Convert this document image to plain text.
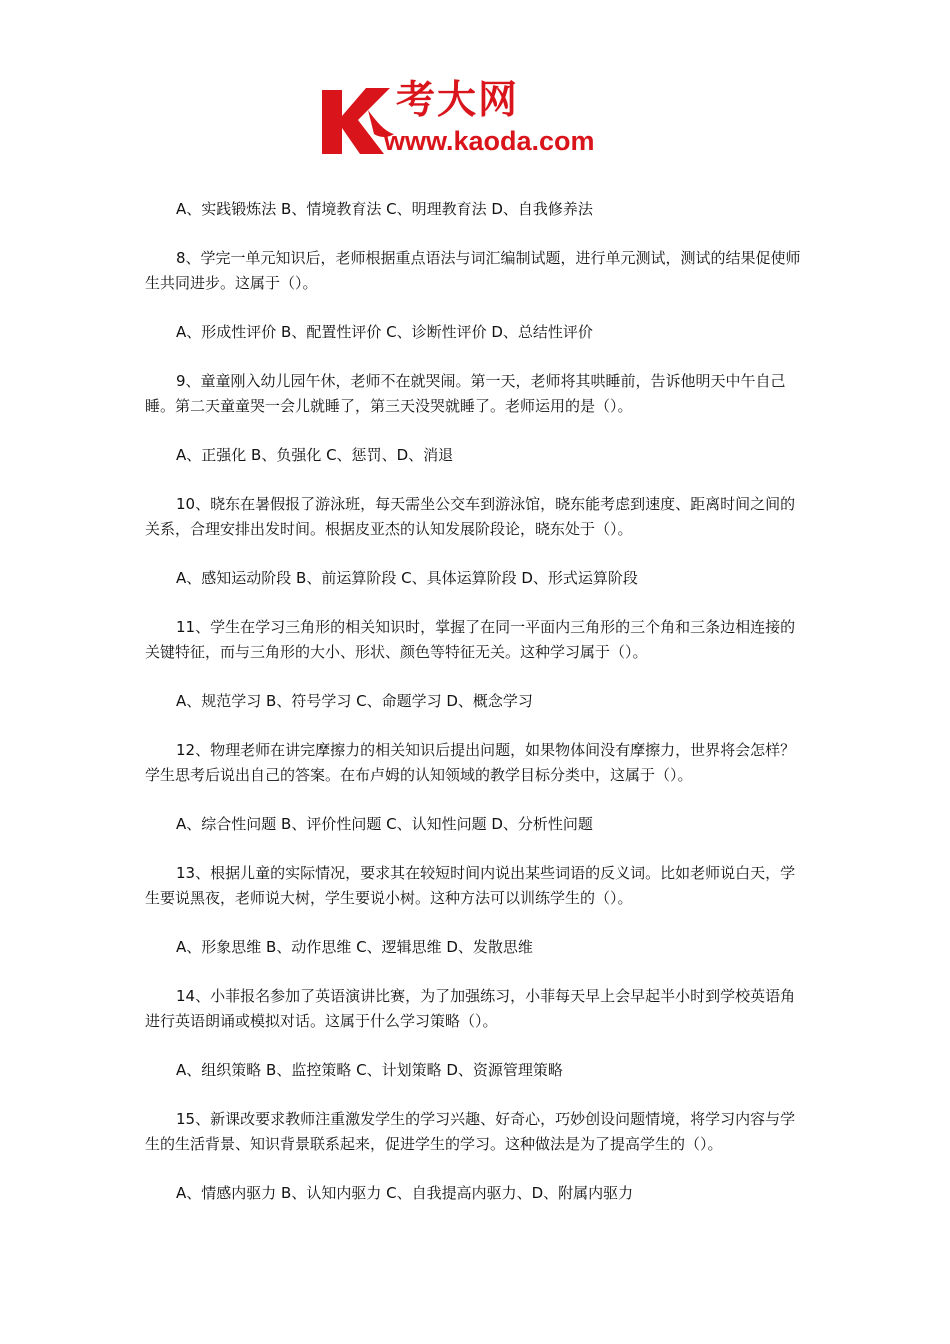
考大网
www.kaoda.com

A、实践锻炼法 B、情境教育法 C、明理教育法 D、自我修养法

8、学完一单元知识后，老师根据重点语法与词汇编制试题，进行单元测试，测试的结果促使师生共同进步。这属于（）。

A、形成性评价 B、配置性评价 C、诊断性评价 D、总结性评价

9、童童刚入幼儿园午休，老师不在就哭闹。第一天，老师将其哄睡前，告诉他明天中午自己睡。第二天童童哭一会儿就睡了，第三天没哭就睡了。老师运用的是（）。

A、正强化 B、负强化 C、惩罚、D、消退

10、晓东在暑假报了游泳班，每天需坐公交车到游泳馆，晓东能考虑到速度、距离时间之间的关系，合理安排出发时间。根据皮亚杰的认知发展阶段论，晓东处于（）。

A、感知运动阶段 B、前运算阶段 C、具体运算阶段 D、形式运算阶段

11、学生在学习三角形的相关知识时，掌握了在同一平面内三角形的三个角和三条边相连接的关键特征，而与三角形的大小、形状、颜色等特征无关。这种学习属于（）。

A、规范学习 B、符号学习 C、命题学习 D、概念学习

12、物理老师在讲完摩擦力的相关知识后提出问题，如果物体间没有摩擦力，世界将会怎样？学生思考后说出自己的答案。在布卢姆的认知领域的教学目标分类中，这属于（）。

A、综合性问题 B、评价性问题 C、认知性问题 D、分析性问题

13、根据儿童的实际情况，要求其在较短时间内说出某些词语的反义词。比如老师说白天，学生要说黑夜，老师说大树，学生要说小树。这种方法可以训练学生的（）。

A、形象思维 B、动作思维 C、逻辑思维 D、发散思维

14、小菲报名参加了英语演讲比赛，为了加强练习，小菲每天早上会早起半小时到学校英语角进行英语朗诵或模拟对话。这属于什么学习策略（）。

A、组织策略 B、监控策略 C、计划策略 D、资源管理策略

15、新课改要求教师注重激发学生的学习兴趣、好奇心，巧妙创设问题情境，将学习内容与学生的生活背景、知识背景联系起来，促进学生的学习。这种做法是为了提高学生的（）。

A、情感内驱力 B、认知内驱力 C、自我提高内驱力、D、附属内驱力
